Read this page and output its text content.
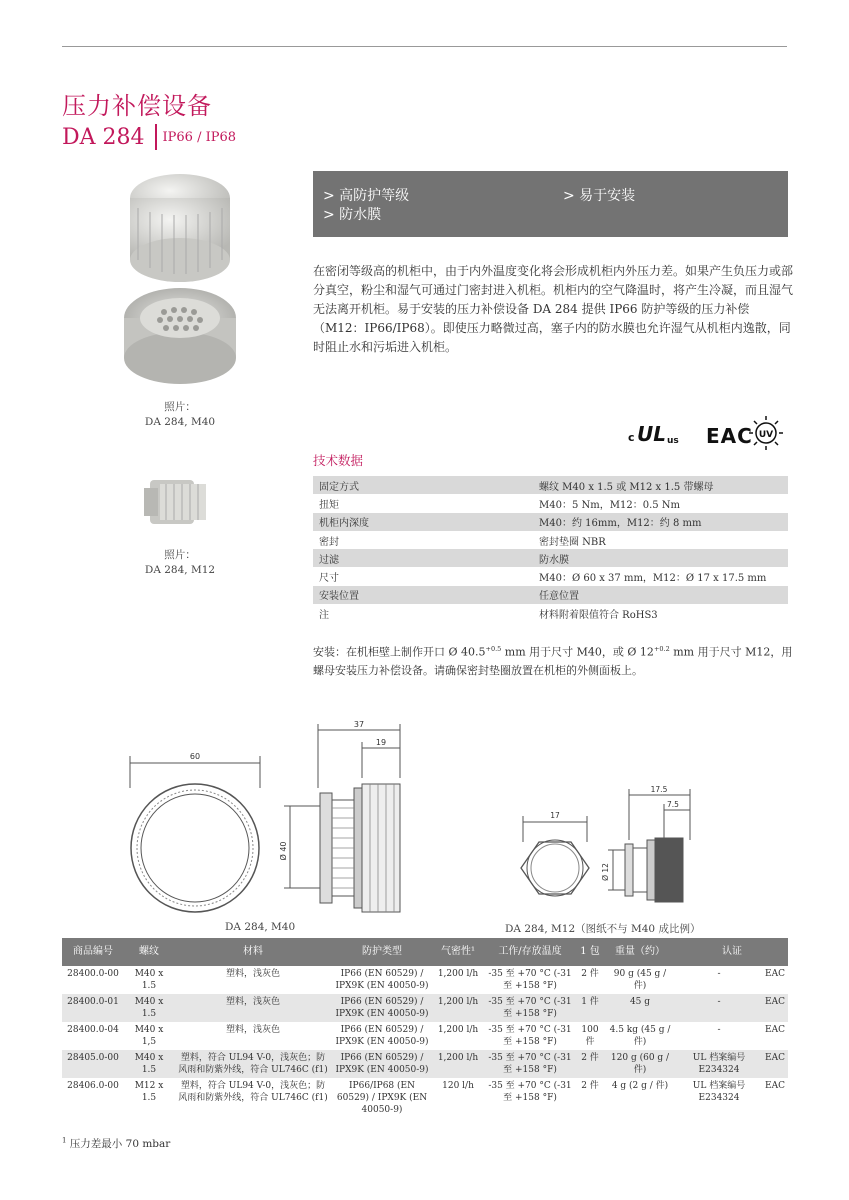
压力补偿设备
DA 284 IP66 / IP68
照片：
DA 284, M40
照片：
DA 284, M12
> 高防护等级
> 防水膜
> 易于安装
在密闭等级高的机柜中，由于内外温度变化将会形成机柜内外压力差。如果产生负压力或部分真空，粉尘和湿气可通过门密封进入机柜。机柜内的空气降温时，将产生冷凝，而且湿气无法离开机柜。易于安装的压力补偿设备 DA 284 提供 IP66 防护等级的压力补偿（M12：IP66/IP68）。即使压力略微过高，塞子内的防水膜也允许湿气从机柜内逸散，同时阻止水和污垢进入机柜。
c UL us EAC UV
技术数据
固定方式	螺纹 M40 x 1.5 或 M12 x 1.5 带螺母
扭矩	M40：5 Nm，M12：0.5 Nm
机柜内深度	M40：约 16mm，M12：约 8 mm
密封	密封垫圈 NBR
过滤	防水膜
尺寸	M40：Ø 60 x 37 mm，M12：Ø 17 x 17.5 mm
安装位置	任意位置
注	材料附着限值符合 RoHS3
安装：在机柜壁上制作开口 Ø $40.5^{+0.5}$ mm 用于尺寸 M40，或 Ø $12^{+0.2}$ mm 用于尺寸 M12，用螺母安装压力补偿设备。请确保密封垫圈放置在机柜的外侧面板上。
60
37
19
Ø 40
DA 284, M40
17
17.5
7.5
Ø 12
DA 284, M12（图纸不与 M40 成比例）
商品编号	螺纹	材料	防护类型	气密性¹	工作/存放温度	1 包	重量（约）	认证	
28400.0-00	M40 x 1.5	塑料，浅灰色	IP66 (EN 60529) / IPX9K (EN 40050-9)	1,200 l/h	-35 至 +70 °C (-31 至 +158 °F)	2 件	90 g (45 g / 件)	-	EAC
28400.0-01	M40 x 1.5	塑料，浅灰色	IP66 (EN 60529) / IPX9K (EN 40050-9)	1,200 l/h	-35 至 +70 °C (-31 至 +158 °F)	1 件	45 g	-	EAC
28400.0-04	M40 x 1,5	塑料，浅灰色	IP66 (EN 60529) / IPX9K (EN 40050-9)	1,200 l/h	-35 至 +70 °C (-31 至 +158 °F)	100 件	4.5 kg (45 g / 件)	-	EAC
28405.0-00	M40 x 1.5	塑料，符合 UL94 V-0，浅灰色；防风雨和防紫外线，符合 UL746C (f1)	IP66 (EN 60529) / IPX9K (EN 40050-9)	1,200 l/h	-35 至 +70 °C (-31 至 +158 °F)	2 件	120 g (60 g / 件)	UL 档案编号 E234324	EAC
28406.0-00	M12 x 1.5	塑料，符合 UL94 V-0，浅灰色；防风雨和防紫外线，符合 UL746C (f1)	IP66/IP68 (EN 60529) / IPX9K (EN 40050-9)	120 l/h	-35 至 +70 °C (-31 至 +158 °F)	2 件	4 g (2 g / 件)	UL 档案编号 E234324	EAC
$^1$ 压力差最小 70 mbar
